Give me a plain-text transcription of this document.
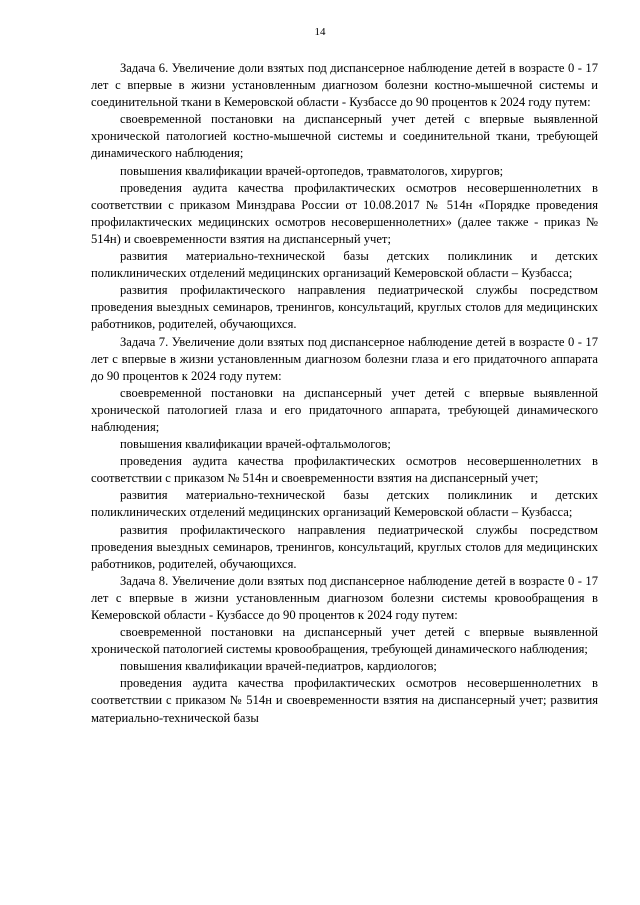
14

Задача 6. Увеличение доли взятых под диспансерное наблюдение детей в возрасте 0 - 17 лет с впервые в жизни установленным диагнозом болезни костно-мышечной системы и соединительной ткани в Кемеровской области - Кузбассе до 90 процентов к 2024 году путем:

своевременной постановки на диспансерный учет детей с впервые выявленной хронической патологией костно-мышечной системы и соединительной ткани, требующей динамического наблюдения;

повышения квалификации врачей-ортопедов, травматологов, хирургов;

проведения аудита качества профилактических осмотров несовершеннолетних в соответствии с приказом Минздрава России от 10.08.2017 № 514н «Порядке проведения профилактических медицинских осмотров несовершеннолетних» (далее также - приказ № 514н) и своевременности взятия на диспансерный учет;

развития материально-технической базы детских поликлиник и детских поликлинических отделений медицинских организаций Кемеровской области – Кузбасса;

развития профилактического направления педиатрической службы посредством проведения выездных семинаров, тренингов, консультаций, круглых столов для медицинских работников, родителей, обучающихся.

Задача 7. Увеличение доли взятых под диспансерное наблюдение детей в возрасте 0 - 17 лет с впервые в жизни установленным диагнозом болезни глаза и его придаточного аппарата до 90 процентов к 2024 году путем:

своевременной постановки на диспансерный учет детей с впервые выявленной хронической патологией глаза и его придаточного аппарата, требующей динамического наблюдения;

повышения квалификации врачей-офтальмологов;

проведения аудита качества профилактических осмотров несовершеннолетних в соответствии с приказом № 514н и своевременности взятия на диспансерный учет;

развития материально-технической базы детских поликлиник и детских поликлинических отделений медицинских организаций Кемеровской области – Кузбасса;

развития профилактического направления педиатрической службы посредством проведения выездных семинаров, тренингов, консультаций, круглых столов для медицинских работников, родителей, обучающихся.

Задача 8. Увеличение доли взятых под диспансерное наблюдение детей в возрасте 0 - 17 лет с впервые в жизни установленным диагнозом болезни системы кровообращения в Кемеровской области - Кузбассе до 90 процентов к 2024 году путем:

своевременной постановки на диспансерный учет детей с впервые выявленной хронической патологией системы кровообращения, требующей динамического наблюдения;

повышения квалификации врачей-педиатров, кардиологов;

проведения аудита качества профилактических осмотров несовершеннолетних в соответствии с приказом № 514н и своевременности взятия на диспансерный учет; развития материально-технической базы
